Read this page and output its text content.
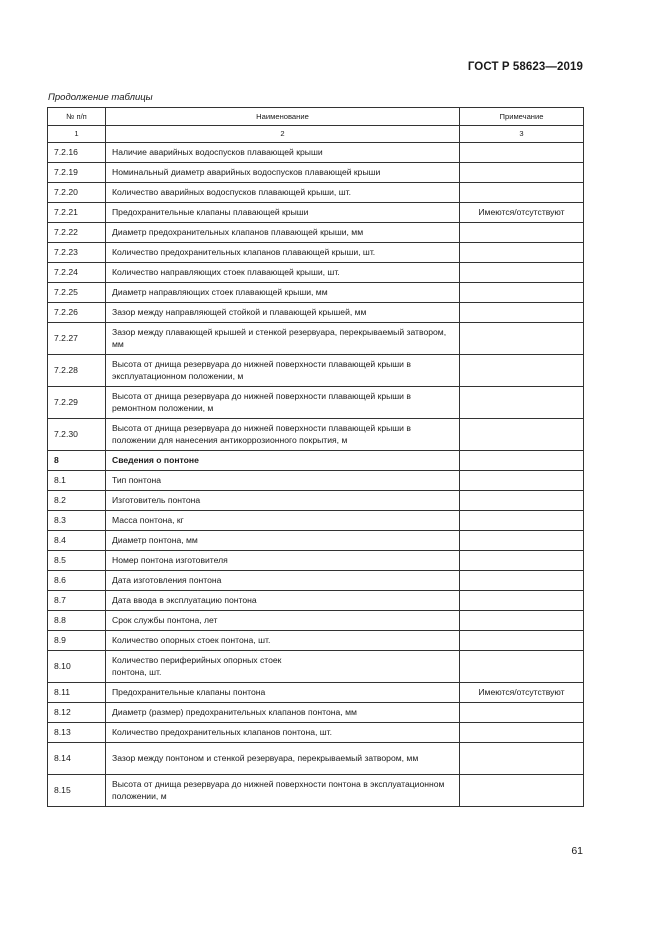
ГОСТ Р 58623—2019
Продолжение таблицы
№ п/п	Наименование	Примечание
1	2	3
7.2.16	Наличие аварийных водоспусков плавающей крыши	
7.2.19	Номинальный диаметр аварийных водоспусков плавающей крыши	
7.2.20	Количество аварийных водоспусков плавающей крыши, шт.	
7.2.21	Предохранительные клапаны плавающей крыши	Имеются/отсутствуют
7.2.22	Диаметр предохранительных клапанов плавающей крыши, мм	
7.2.23	Количество предохранительных клапанов плавающей крыши, шт.	
7.2.24	Количество направляющих стоек плавающей крыши, шт.	
7.2.25	Диаметр направляющих стоек плавающей крыши, мм	
7.2.26	Зазор между направляющей стойкой и плавающей крышей, мм	
7.2.27	Зазор между плавающей крышей и стенкой резервуара, перекрываемый затвором, мм	
7.2.28	Высота от днища резервуара до нижней поверхности плавающей крыши в эксплуатационном положении, м	
7.2.29	Высота от днища резервуара до нижней поверхности плавающей крыши в ремонтном положении, м	
7.2.30	Высота от днища резервуара до нижней поверхности плавающей крыши в положении для нанесения антикоррозионного покрытия, м	
8	Сведения о понтоне	
8.1	Тип понтона	
8.2	Изготовитель понтона	
8.3	Масса понтона, кг	
8.4	Диаметр понтона, мм	
8.5	Номер понтона изготовителя	
8.6	Дата изготовления понтона	
8.7	Дата ввода в эксплуатацию понтона	
8.8	Срок службы понтона, лет	
8.9	Количество опорных стоек понтона, шт.	
8.10	Количество периферийных опорных стоек понтона, шт.	
8.11	Предохранительные клапаны понтона	Имеются/отсутствуют
8.12	Диаметр (размер) предохранительных клапанов понтона, мм	
8.13	Количество предохранительных клапанов понтона, шт.	
8.14	Зазор между понтоном и стенкой резервуара, перекрываемый затвором, мм	
8.15	Высота от днища резервуара до нижней поверхности понтона в эксплуатационном положении, м	
61
